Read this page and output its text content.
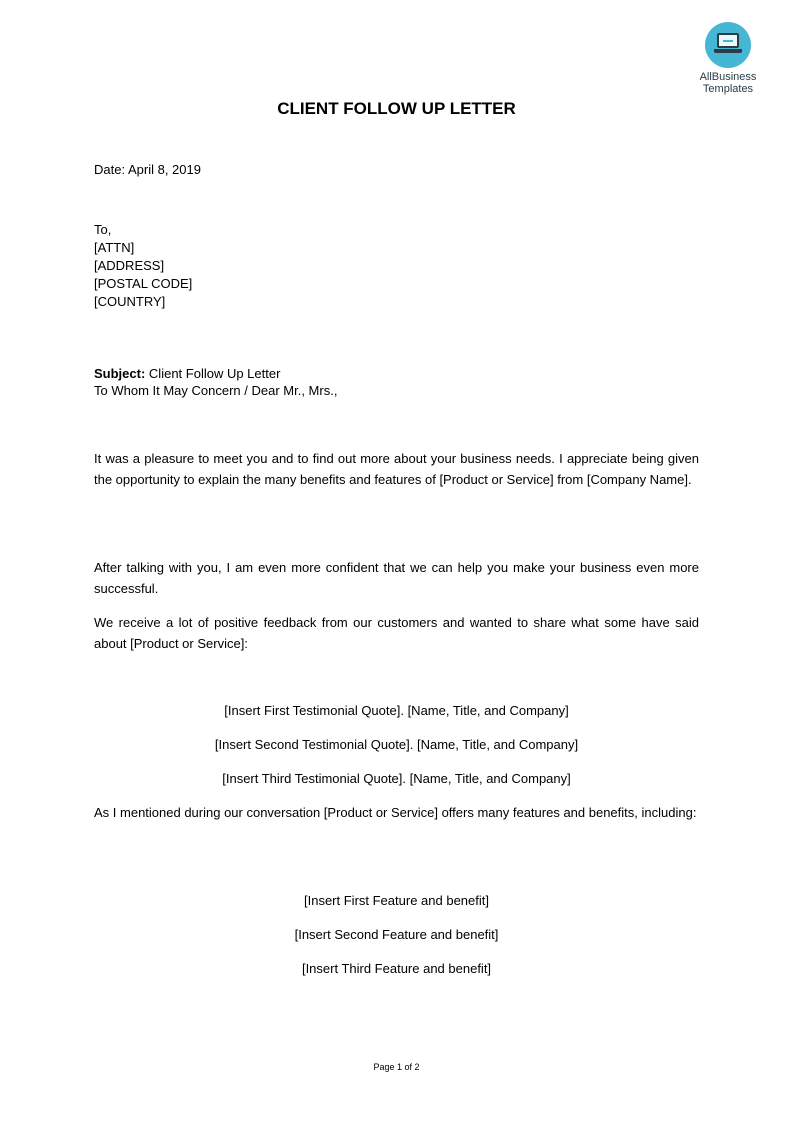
AllBusiness
Templates
CLIENT FOLLOW UP LETTER
Date: April 8, 2019
To,
[ATTN]
[ADDRESS]
[POSTAL CODE]
[COUNTRY]
Subject: Client Follow Up Letter
To Whom It May Concern / Dear Mr., Mrs.,
It was a pleasure to meet you and to find out more about your business needs. I appreciate being given the opportunity to explain the many benefits and features of [Product or Service] from [Company Name].
After talking with you, I am even more confident that we can help you make your business even more successful.
We receive a lot of positive feedback from our customers and wanted to share what some have said about [Product or Service]:
[Insert First Testimonial Quote]. [Name, Title, and Company]
[Insert Second Testimonial Quote]. [Name, Title, and Company]
[Insert Third Testimonial Quote]. [Name, Title, and Company]
As I mentioned during our conversation [Product or Service] offers many features and benefits, including:
[Insert First Feature and benefit]
[Insert Second Feature and benefit]
[Insert Third Feature and benefit]
Page 1 of 2
